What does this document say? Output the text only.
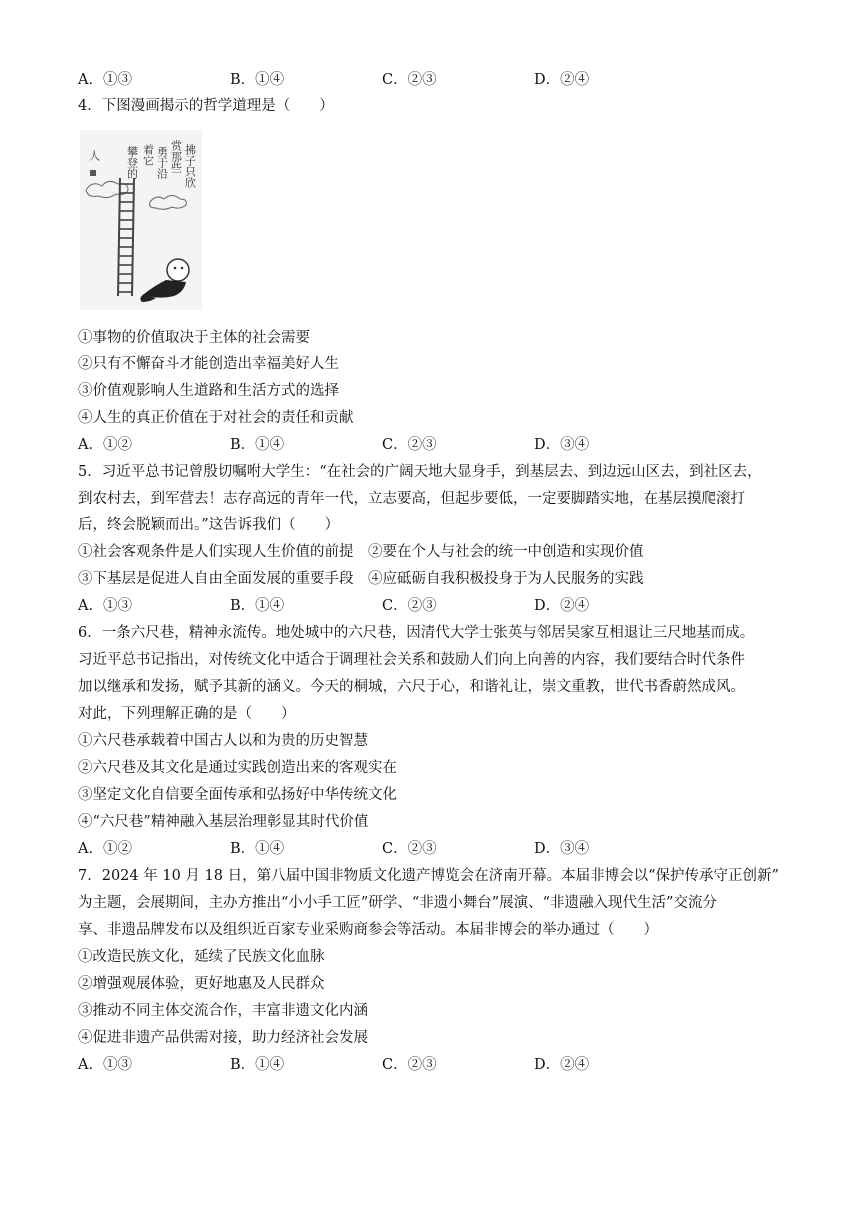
A．①③	B．①④	C．②③	D．②④
4．下图漫画揭示的哲学道理是（　　）
拂子只欣
赏那些
勇于沿
着它
攀登的
人
①事物的价值取决于主体的社会需要
②只有不懈奋斗才能创造出幸福美好人生
③价值观影响人生道路和生活方式的选择
④人生的真正价值在于对社会的责任和贡献
A．①②	B．①④	C．②③	D．③④
5．习近平总书记曾殷切嘱咐大学生：“在社会的广阔天地大显身手，到基层去、到边远山区去，到社区去，
到农村去，到军营去！志存高远的青年一代，立志要高，但起步要低，一定要脚踏实地，在基层摸爬滚打
后，终会脱颖而出。”这告诉我们（　　）
①社会客观条件是人们实现人生价值的前提　②要在个人与社会的统一中创造和实现价值
③下基层是促进人自由全面发展的重要手段　④应砥砺自我积极投身于为人民服务的实践
A．①③	B．①④	C．②③	D．②④
6．一条六尺巷，精神永流传。地处城中的六尺巷，因清代大学士张英与邻居吴家互相退让三尺地基而成。
习近平总书记指出，对传统文化中适合于调理社会关系和鼓励人们向上向善的内容，我们要结合时代条件
加以继承和发扬，赋予其新的涵义。今天的桐城，六尺于心，和谐礼让，崇文重教，世代书香蔚然成风。
对此，下列理解正确的是（　　）
①六尺巷承载着中国古人以和为贵的历史智慧
②六尺巷及其文化是通过实践创造出来的客观实在
③坚定文化自信要全面传承和弘扬好中华传统文化
④“六尺巷”精神融入基层治理彰显其时代价值
A．①②	B．①④	C．②③	D．③④
7．2024 年 10 月 18 日，第八届中国非物质文化遗产博览会在济南开幕。本届非博会以“保护传承守正创新”
为主题，会展期间，主办方推出“小小手工匠”研学、“非遗小舞台”展演、“非遗融入现代生活”交流分
享、非遗品牌发布以及组织近百家专业采购商参会等活动。本届非博会的举办通过（　　）
①改造民族文化，延续了民族文化血脉
②增强观展体验，更好地惠及人民群众
③推动不同主体交流合作，丰富非遗文化内涵
④促进非遗产品供需对接，助力经济社会发展
A．①③	B．①④	C．②③	D．②④
